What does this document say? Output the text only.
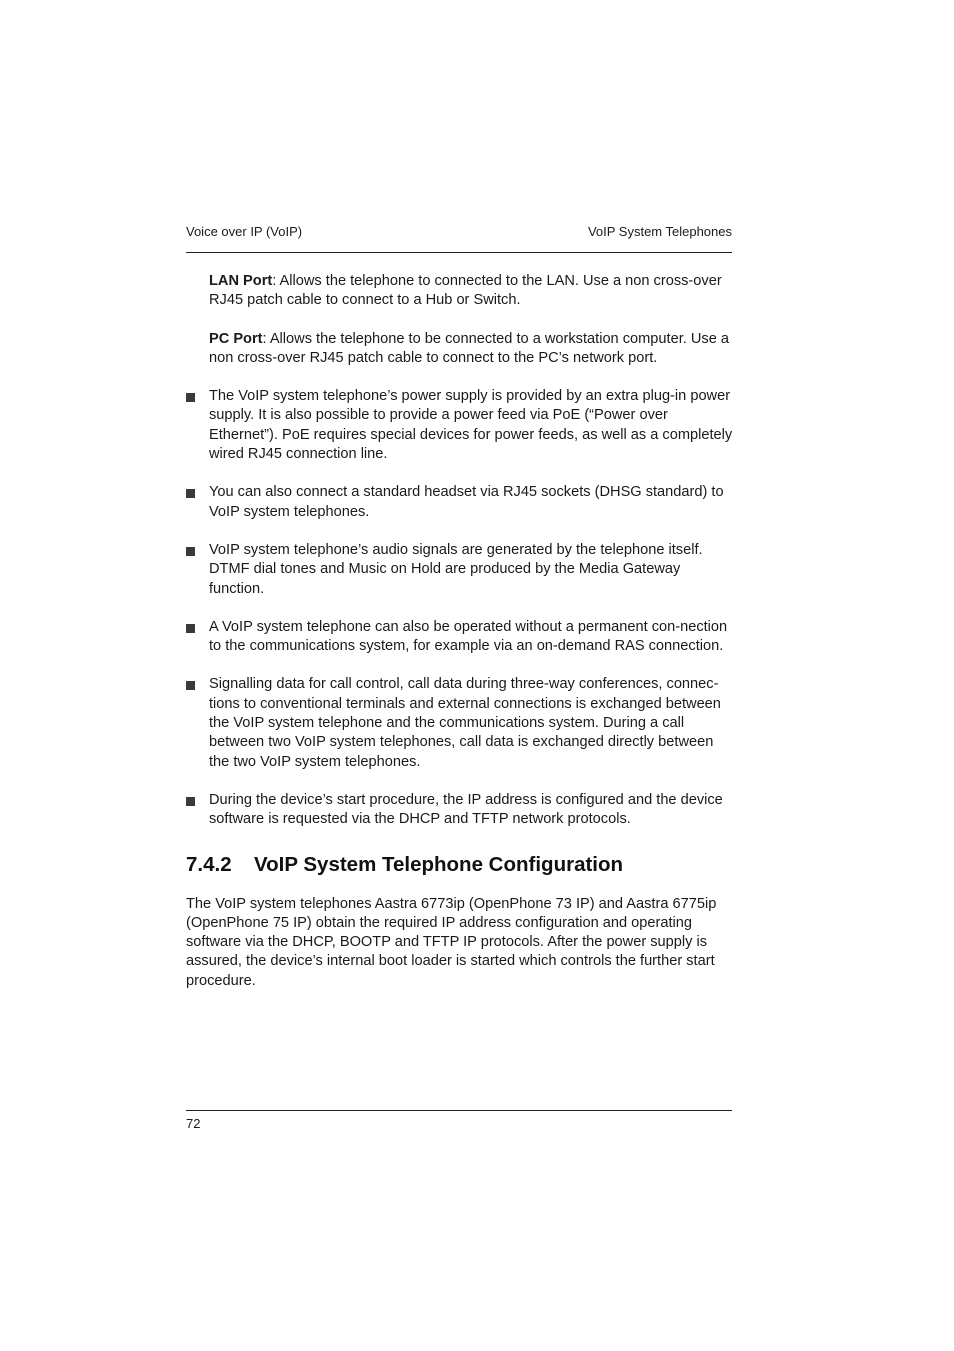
Voice over IP (VoIP)	VoIP System Telephones

LAN Port: Allows the telephone to connected to the LAN. Use a non cross-over RJ45 patch cable to connect to a Hub or Switch.

PC Port: Allows the telephone to be connected to a workstation computer. Use a non cross-over RJ45 patch cable to connect to the PC’s network port.

The VoIP system telephone’s power supply is provided by an extra plug-in power supply. It is also possible to provide a power feed via PoE (“Power over Ethernet”). PoE requires special devices for power feeds, as well as a completely wired RJ45 connection line.
You can also connect a standard headset via RJ45 sockets (DHSG standard) to VoIP system telephones.
VoIP system telephone’s audio signals are generated by the telephone itself. DTMF dial tones and Music on Hold are produced by the Media Gateway function.
A VoIP system telephone can also be operated without a permanent con-nection to the communications system, for example via an on-demand RAS connection.
Signalling data for call control, call data during three-way conferences, connec-tions to conventional terminals and external connections is exchanged between the VoIP system telephone and the communications system. During a call between two VoIP system telephones, call data is exchanged directly between the two VoIP system telephones.
During the device’s start procedure, the IP address is configured and the device software is requested via the DHCP and TFTP network protocols.
7.4.2 VoIP System Telephone Configuration

The VoIP system telephones Aastra 6773ip (OpenPhone 73 IP) and Aastra 6775ip (OpenPhone 75 IP) obtain the required IP address configuration and operating software via the DHCP, BOOTP and TFTP IP protocols. After the power supply is assured, the device’s internal boot loader is started which controls the further start procedure.

72
